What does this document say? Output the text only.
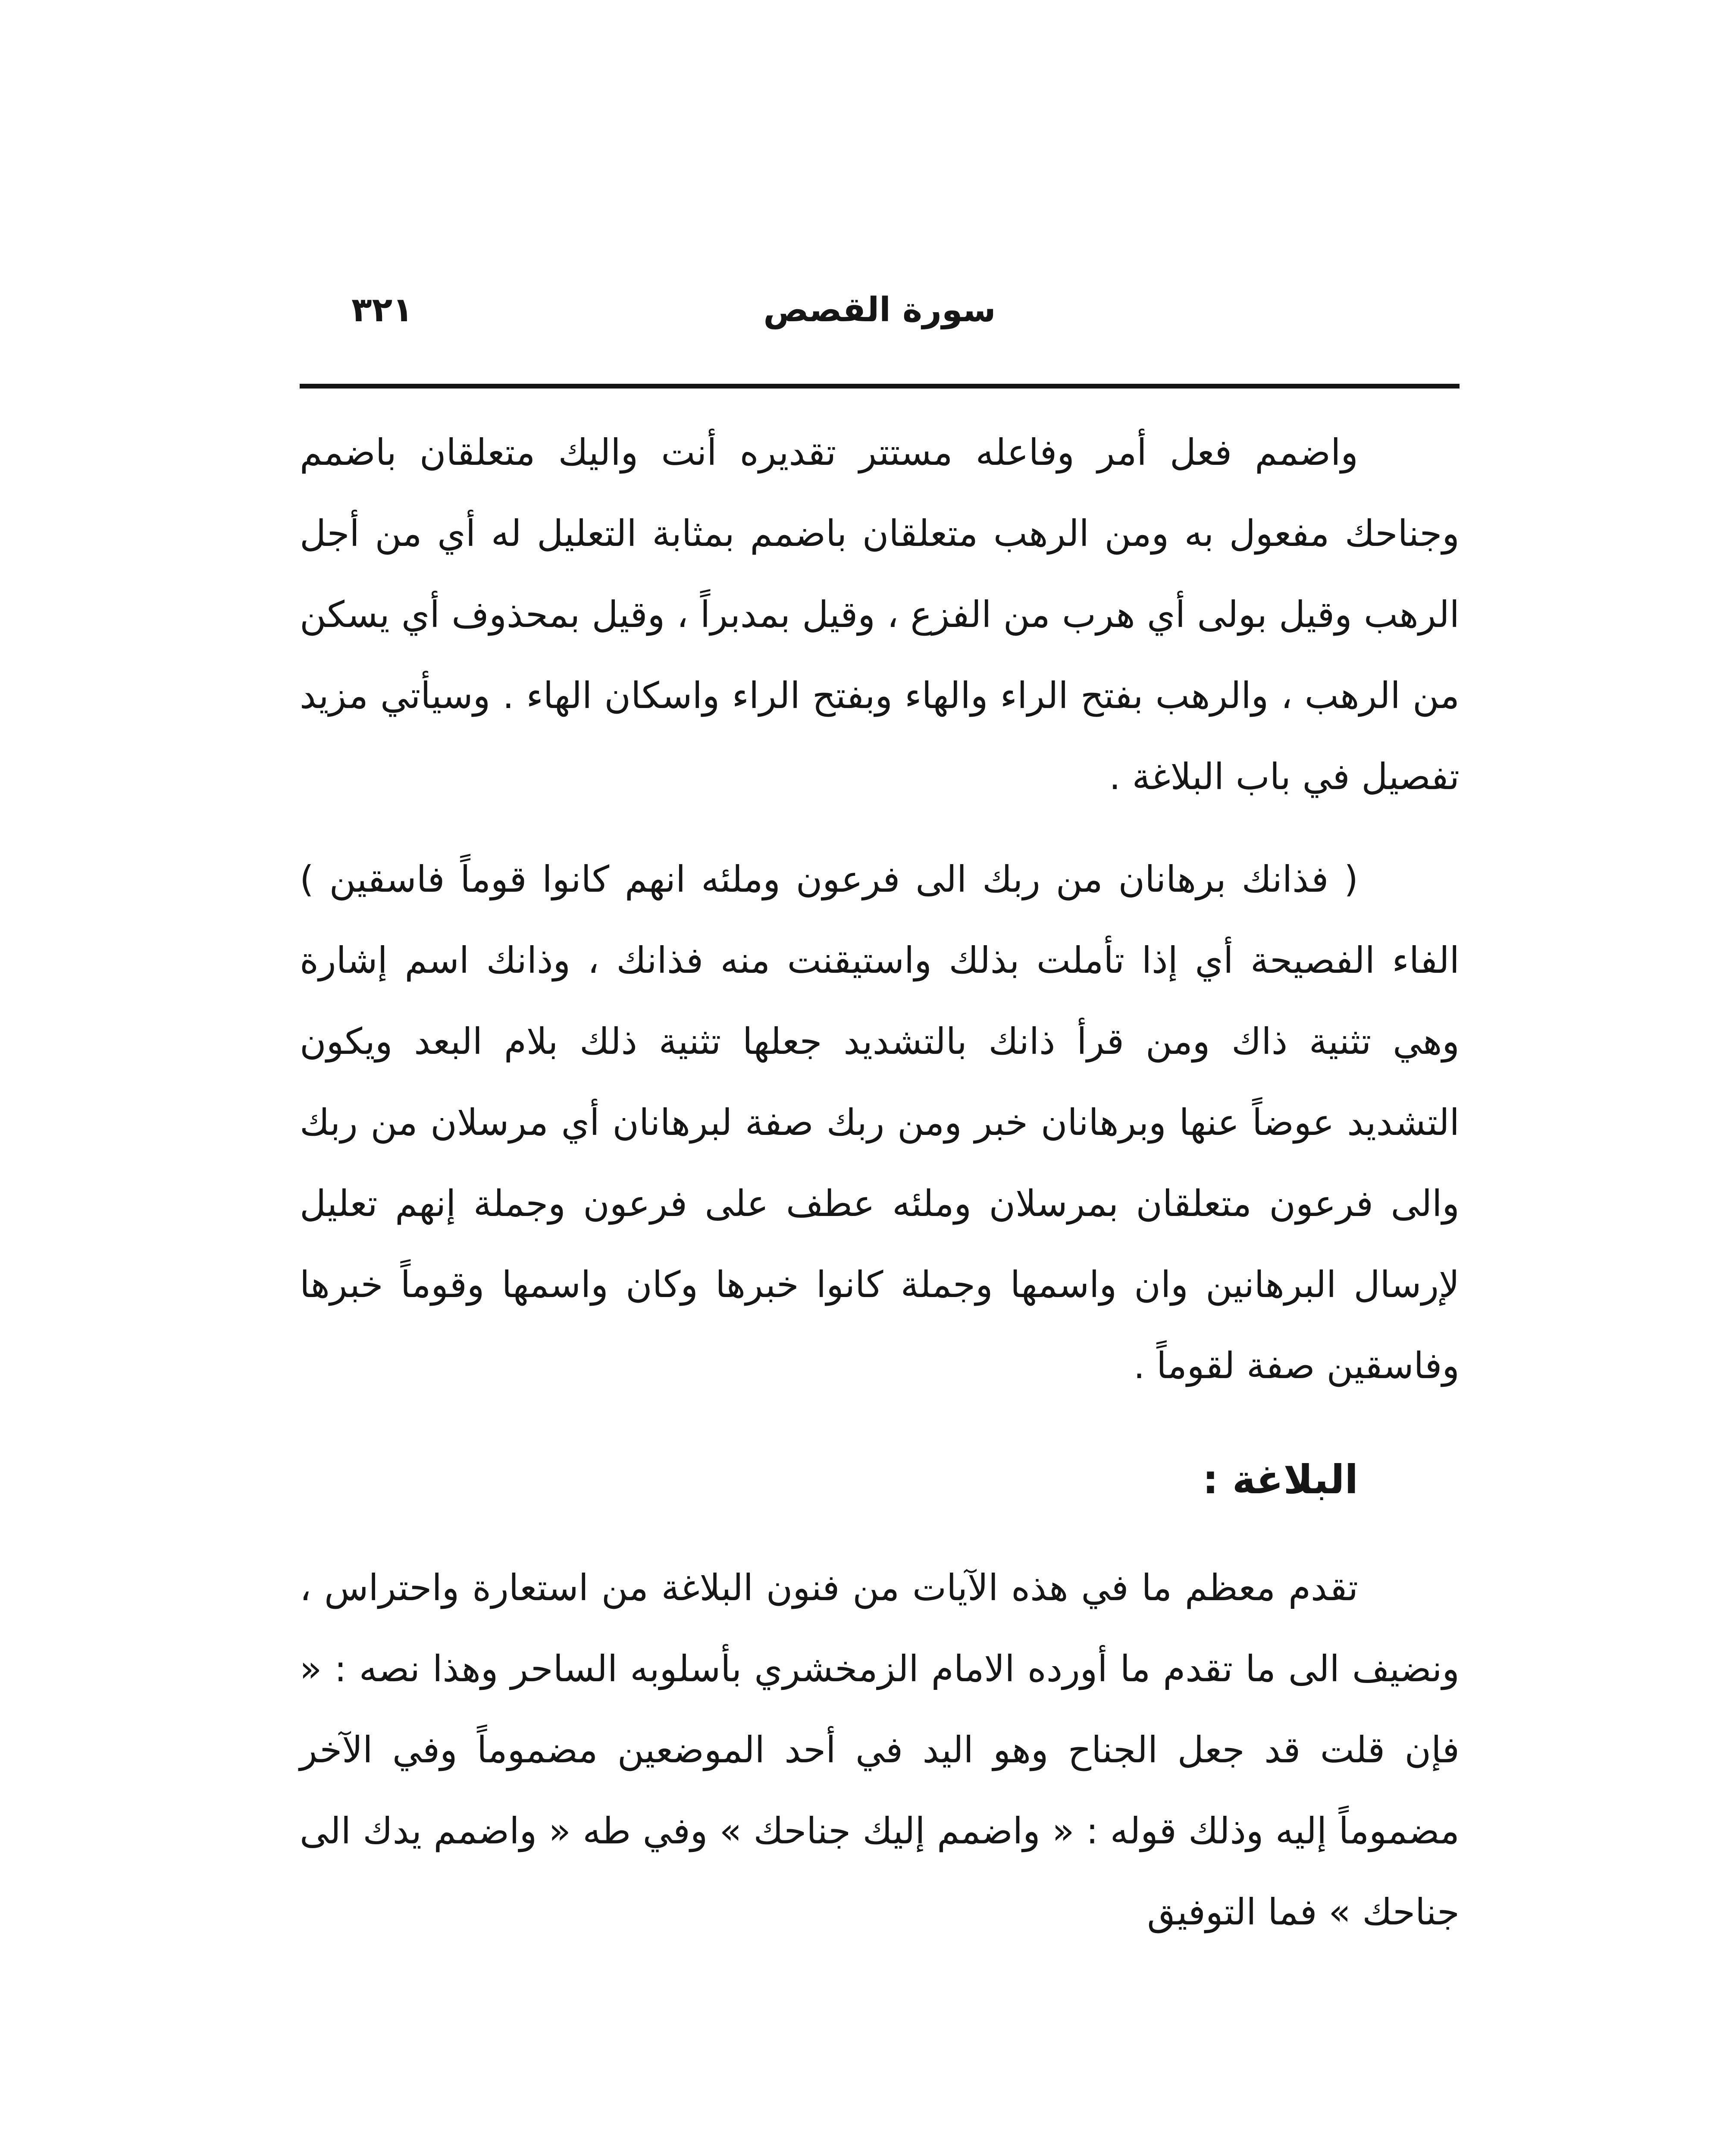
سورة القصص
٣٢١

واضمم فعل أمر وفاعله مستتر تقديره أنت واليك متعلقان باضمم وجناحك مفعول به ومن الرهب متعلقان باضمم بمثابة التعليل له أي من أجل الرهب وقيل بولى أي هرب من الفزع ، وقيل بمدبراً ، وقيل بمحذوف أي يسكن من الرهب ، والرهب بفتح الراء والهاء وبفتح الراء واسكان الهاء . وسيأتي مزيد تفصيل في باب البلاغة .

( فذانك برهانان من ربك الى فرعون وملئه انهم كانوا قوماً فاسقين ) الفاء الفصيحة أي إذا تأملت بذلك واستيقنت منه فذانك ، وذانك اسم إشارة وهي تثنية ذاك ومن قرأ ذانك بالتشديد جعلها تثنية ذلك بلام البعد ويكون التشديد عوضاً عنها وبرهانان خبر ومن ربك صفة لبرهانان أي مرسلان من ربك والى فرعون متعلقان بمرسلان وملئه عطف على فرعون وجملة إنهم تعليل لإرسال البرهانين وان واسمها وجملة كانوا خبرها وكان واسمها وقوماً خبرها وفاسقين صفة لقوماً .

البلاغة :

تقدم معظم ما في هذه الآيات من فنون البلاغة من استعارة واحتراس ، ونضيف الى ما تقدم ما أورده الامام الزمخشري بأسلوبه الساحر وهذا نصه : « فإن قلت قد جعل الجناح وهو اليد في أحد الموضعين مضموماً وفي الآخر مضموماً إليه وذلك قوله : « واضمم إليك جناحك » وفي طه « واضمم يدك الى جناحك » فما التوفيق
